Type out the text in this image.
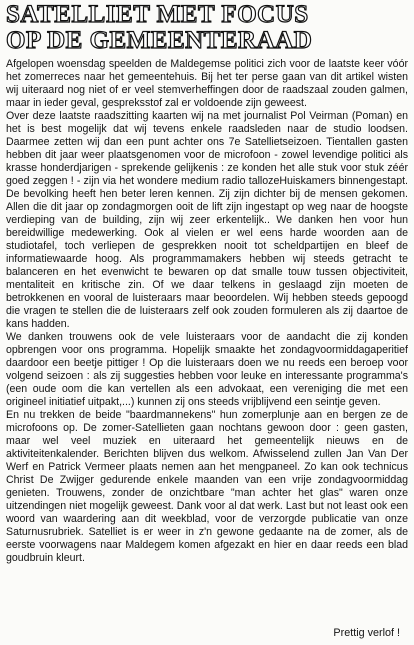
SATELLIET MET FOCUS
OP DE GEMEENTERAAD

Afgelopen woensdag speelden de Maldegemse politici zich voor de laatste keer vóór het zomerreces naar het gemeentehuis. Bij het ter perse gaan van dit artikel wisten wij uiteraard nog niet of er veel stemverheffingen door de raadszaal zouden galmen, maar in ieder geval, gespreksstof zal er voldoende zijn geweest.

Over deze laatste raadszitting kaarten wij na met journalist Pol Veirman (Poman) en het is best mogelijk dat wij tevens enkele raadsleden naar de studio loodsen. Daarmee zetten wij dan een punt achter ons 7e Satellietseizoen. Tientallen gasten hebben dit jaar weer plaatsgenomen voor de microfoon - zowel levendige politici als krasse honderdjarigen - sprekende gelijkenis : ze konden het alle stuk voor stuk zéér goed zeggen ! - zijn via het wondere medium radio tallozeHuiskamers binnengestapt. De bevolking heeft hen beter leren kennen. Zij zijn dichter bij de mensen gekomen. Allen die dit jaar op zondagmorgen ooit de lift zijn ingestapt op weg naar de hoogste verdieping van de building, zijn wij zeer erkentelijk.. We danken hen voor hun bereidwillige medewerking. Ook al vielen er wel eens harde woorden aan de studiotafel, toch verliepen de gesprekken nooit tot scheldpartijen en bleef de informatiewaarde hoog. Als programmamakers hebben wij steeds getracht te balanceren en het evenwicht te bewaren op dat smalle touw tussen objectiviteit, mentaliteit en kritische zin. Of we daar telkens in geslaagd zijn moeten de betrokkenen en vooral de luisteraars maar beoordelen. Wij hebben steeds gepoogd die vragen te stellen die de luisteraars zelf ook zouden formuleren als zij daartoe de kans hadden.

We danken trouwens ook de vele luisteraars voor de aandacht die zij konden opbrengen voor ons programma. Hopelijk smaakte het zondagvoormiddagaperitief daardoor een beetje pittiger ! Op die luisteraars doen we nu reeds een beroep voor volgend seizoen : als zij suggesties hebben voor leuke en interessante programma's (een oude oom die kan vertellen als een advokaat, een vereniging die met een origineel initiatief uitpakt,...) kunnen zij ons steeds vrijblijvend een seintje geven.

En nu trekken de beide "baardmannekens" hun zomerplunje aan en bergen ze de microfoons op. De zomer-Satellieten gaan nochtans gewoon door : geen gasten, maar wel veel muziek en uiteraard het gemeentelijk nieuws en de aktiviteitenkalender. Berichten blijven dus welkom. Afwisselend zullen Jan Van Der Werf en Patrick Vermeer plaats nemen aan het mengpaneel. Zo kan ook technicus Christ De Zwijger gedurende enkele maanden van een vrije zondagvoormiddag genieten. Trouwens, zonder de onzichtbare "man achter het glas" waren onze uitzendingen niet mogelijk geweest. Dank voor al dat werk. Last but not least ook een woord van waardering aan dit weekblad, voor de verzorgde publicatie van onze Saturnusrubriek. Satelliet is er weer in z'n gewone gedaante na de zomer, als de eerste voorwagens naar Maldegem komen afgezakt en hier en daar reeds een blad goudbruin kleurt.

Prettig verlof !
